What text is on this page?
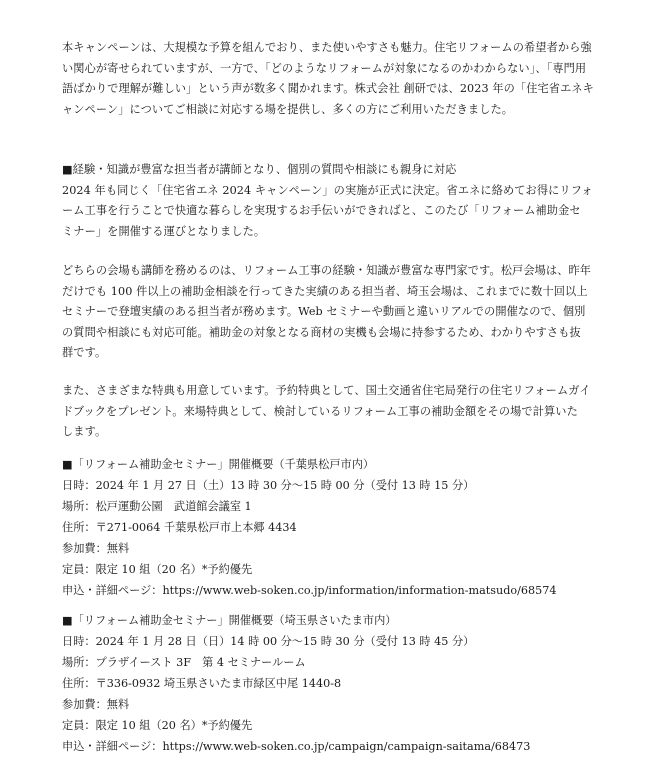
本キャンペーンは、大規模な予算を組んでおり、また使いやすさも魅力。住宅リフォームの希望者から強
い関心が寄せられていますが、一方で、「どのようなリフォームが対象になるのかわからない」、「専門用
語ばかりで理解が難しい」という声が数多く聞かれます。株式会社 創研では、2023 年の「住宅省エネキ
ャンペーン」についてご相談に対応する場を提供し、多くの方にご利用いただきました。
■経験・知識が豊富な担当者が講師となり、個別の質問や相談にも親身に対応
2024 年も同じく「住宅省エネ 2024 キャンペーン」の実施が正式に決定。省エネに絡めてお得にリフォ
ーム工事を行うことで快適な暮らしを実現するお手伝いができればと、このたび「リフォーム補助金セ
ミナー」を開催する運びとなりました。
どちらの会場も講師を務めるのは、リフォーム工事の経験・知識が豊富な専門家です。松戸会場は、昨年
だけでも 100 件以上の補助金相談を行ってきた実績のある担当者、埼玉会場は、これまでに数十回以上
セミナーで登壇実績のある担当者が務めます。Web セミナーや動画と違いリアルでの開催なので、個別
の質問や相談にも対応可能。補助金の対象となる商材の実機も会場に持参するため、わかりやすさも抜
群です。
また、さまざまな特典も用意しています。予約特典として、国土交通省住宅局発行の住宅リフォームガイ
ドブックをプレゼント。来場特典として、検討しているリフォーム工事の補助金額をその場で計算いた
します。
■「リフォーム補助金セミナー」開催概要（千葉県松戸市内）
日時：2024 年 1 月 27 日（土）13 時 30 分～15 時 00 分（受付 13 時 15 分）
場所：松戸運動公園　武道館会議室 1
住所：〒271-0064 千葉県松戸市上本郷 4434
参加費：無料
定員：限定 10 組（20 名）*予約優先
申込・詳細ページ：https://www.web-soken.co.jp/information/information-matsudo/68574
■「リフォーム補助金セミナー」開催概要（埼玉県さいたま市内）
日時：2024 年 1 月 28 日（日）14 時 00 分～15 時 30 分（受付 13 時 45 分）
場所：プラザイースト 3F　第 4 セミナールーム
住所：〒336-0932 埼玉県さいたま市緑区中尾 1440-8
参加費：無料
定員：限定 10 組（20 名）*予約優先
申込・詳細ページ：https://www.web-soken.co.jp/campaign/campaign-saitama/68473
